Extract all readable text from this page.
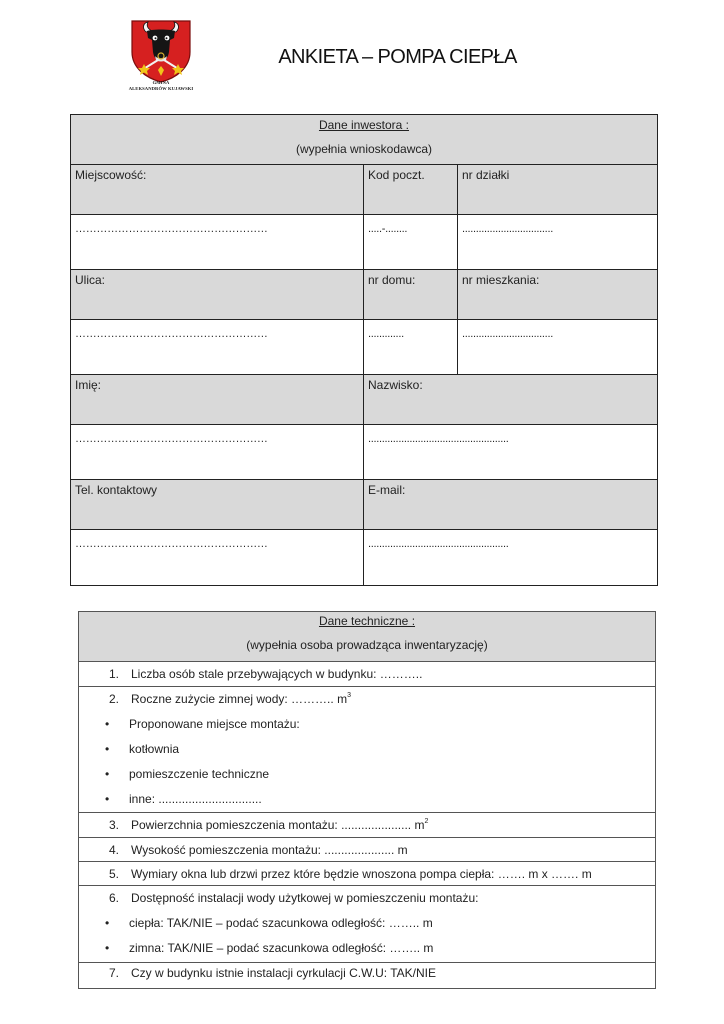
GMINA
ALEKSANDRÓW KUJAWSKI
ANKIETA – POMPA CIEPŁA
Dane inwestora :
(wypełnia wnioskodawca)
Miejscowość:	Kod poczt.	nr działki
………………………………………………	.....-........	.................................
Ulica:	nr domu:	nr mieszkania:
………………………………………………	.............	.................................
Imię:	Nazwisko:
………………………………………………	...................................................
Tel. kontaktowy	E-mail:
………………………………………………	...................................................
Dane techniczne :
(wypełnia osoba prowadząca inwentaryzację)
1. Liczba osób stale przebywających w budynku: ………..
2. Roczne zużycie zimnej wody: ……….. $m^3$
• Proponowane miejsce montażu:
• kotłownia
• pomieszczenie techniczne
• inne: ...............................
3. Powierzchnia pomieszczenia montażu: ..................... $m^2$
4. Wysokość pomieszczenia montażu: ..................... m
5. Wymiary okna lub drzwi przez które będzie wnoszona pompa ciepła: ……. m x ……. m
6. Dostępność instalacji wody użytkowej w pomieszczeniu montażu:
• ciepła: TAK/NIE – podać szacunkowa odległość: …….. m
• zimna: TAK/NIE – podać szacunkowa odległość: …….. m
7. Czy w budynku istnie instalacji cyrkulacji C.W.U: TAK/NIE
